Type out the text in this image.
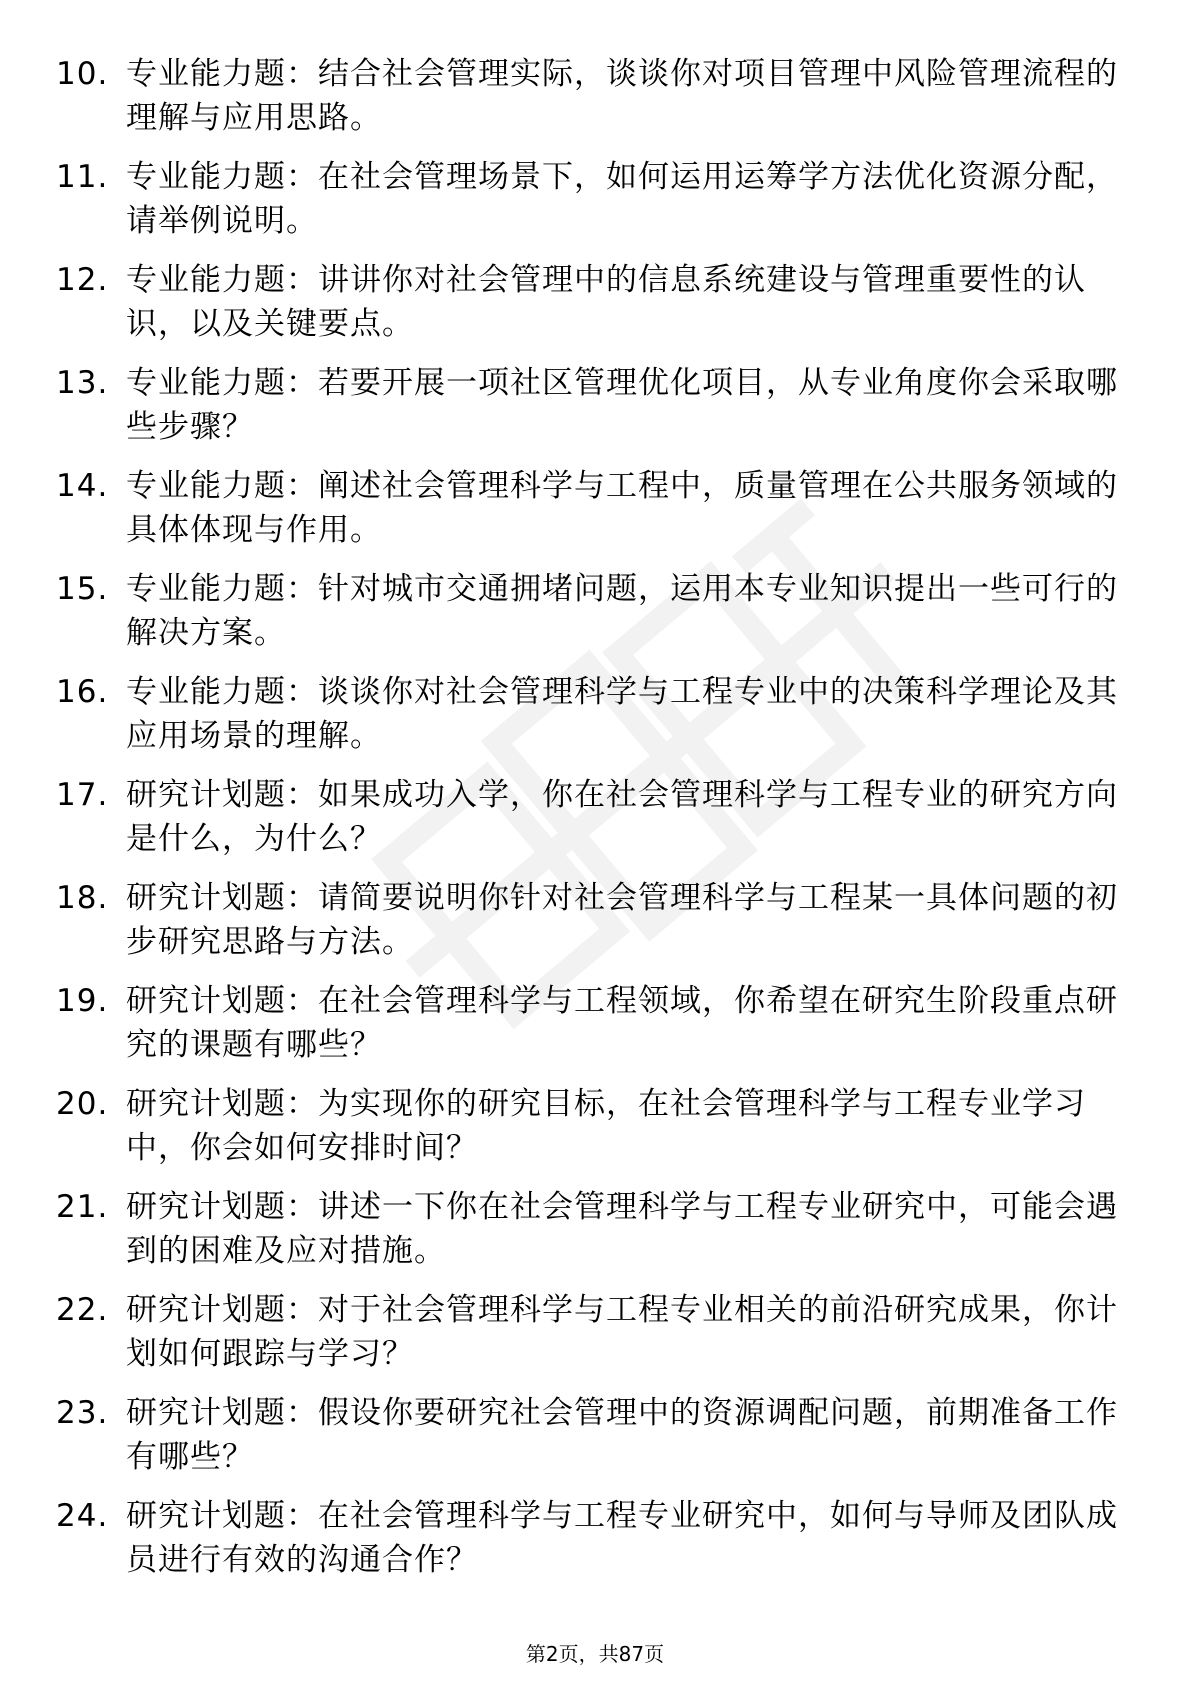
10. 专业能力题：结合社会管理实际，谈谈你对项目管理中风险管理流程的理解与应用思路。
11. 专业能力题：在社会管理场景下，如何运用运筹学方法优化资源分配，请举例说明。
12. 专业能力题：讲讲你对社会管理中的信息系统建设与管理重要性的认识，以及关键要点。
13. 专业能力题：若要开展一项社区管理优化项目，从专业角度你会采取哪些步骤？
14. 专业能力题：阐述社会管理科学与工程中，质量管理在公共服务领域的具体体现与作用。
15. 专业能力题：针对城市交通拥堵问题，运用本专业知识提出一些可行的解决方案。
16. 专业能力题：谈谈你对社会管理科学与工程专业中的决策科学理论及其应用场景的理解。
17. 研究计划题：如果成功入学，你在社会管理科学与工程专业的研究方向是什么，为什么？
18. 研究计划题：请简要说明你针对社会管理科学与工程某一具体问题的初步研究思路与方法。
19. 研究计划题：在社会管理科学与工程领域，你希望在研究生阶段重点研究的课题有哪些？
20. 研究计划题：为实现你的研究目标，在社会管理科学与工程专业学习中，你会如何安排时间？
21. 研究计划题：讲述一下你在社会管理科学与工程专业研究中，可能会遇到的困难及应对措施。
22. 研究计划题：对于社会管理科学与工程专业相关的前沿研究成果，你计划如何跟踪与学习？
23. 研究计划题：假设你要研究社会管理中的资源调配问题，前期准备工作有哪些？
24. 研究计划题：在社会管理科学与工程专业研究中，如何与导师及团队成员进行有效的沟通合作？
第2页，共87页
